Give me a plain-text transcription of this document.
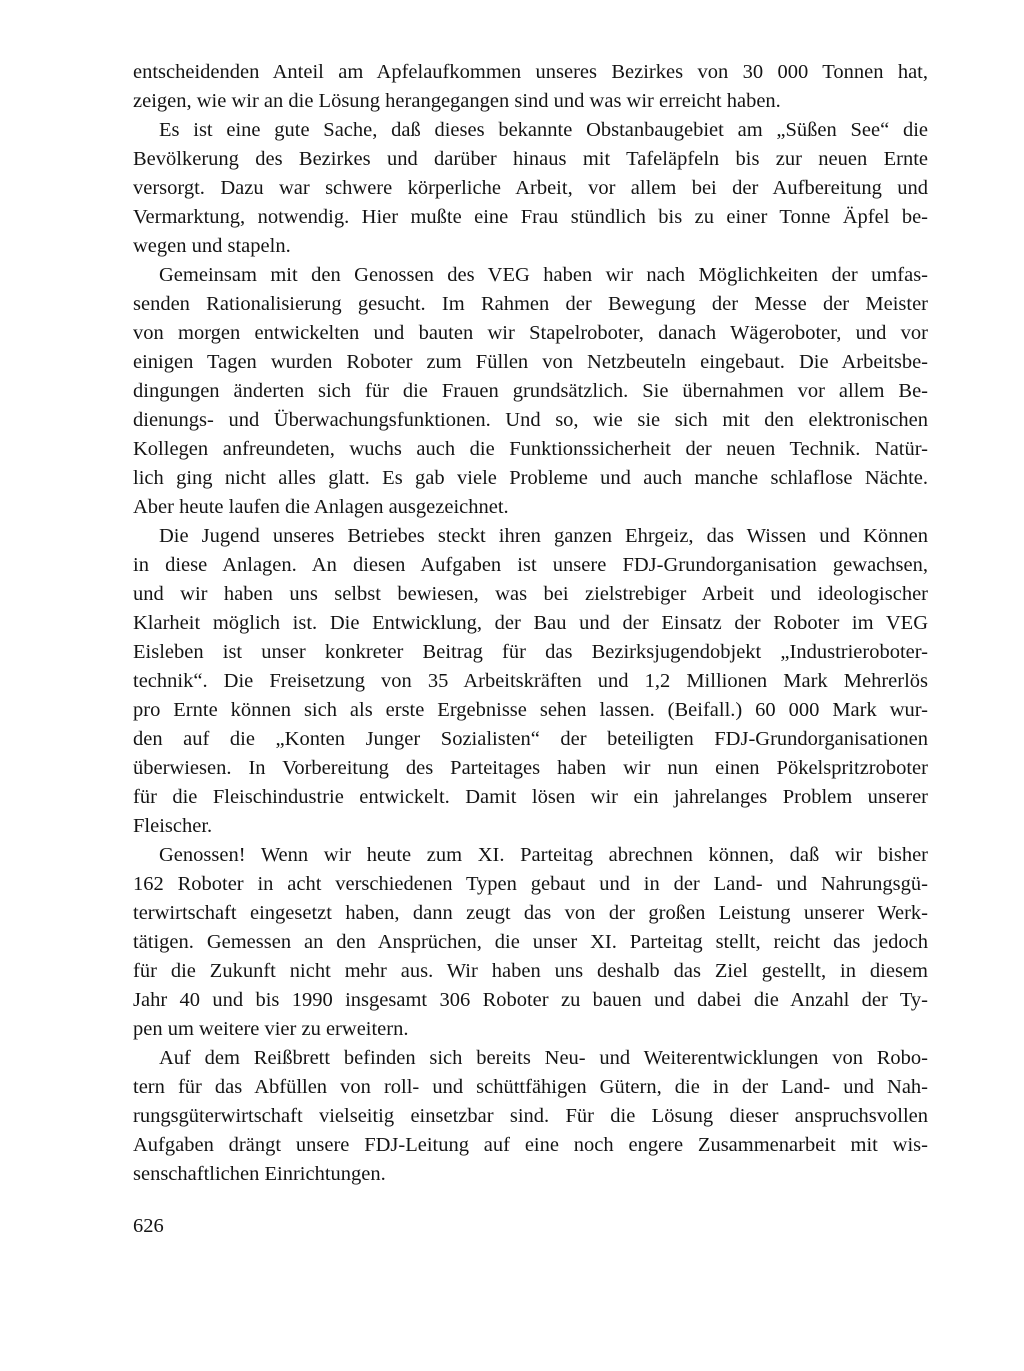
entscheidenden Anteil am Apfelaufkommen unseres Bezirkes von 30 000 Tonnen hat,
zeigen, wie wir an die Lösung herangegangen sind und was wir erreicht haben.
Es ist eine gute Sache, daß dieses bekannte Obstanbaugebiet am „Süßen See“ die
Bevölkerung des Bezirkes und darüber hinaus mit Tafeläpfeln bis zur neuen Ernte
versorgt. Dazu war schwere körperliche Arbeit, vor allem bei der Aufbereitung und
Vermarktung, notwendig. Hier mußte eine Frau stündlich bis zu einer Tonne Äpfel be-
wegen und stapeln.
Gemeinsam mit den Genossen des VEG haben wir nach Möglichkeiten der umfas-
senden Rationalisierung gesucht. Im Rahmen der Bewegung der Messe der Meister
von morgen entwickelten und bauten wir Stapelroboter, danach Wägeroboter, und vor
einigen Tagen wurden Roboter zum Füllen von Netzbeuteln eingebaut. Die Arbeitsbe-
dingungen änderten sich für die Frauen grundsätzlich. Sie übernahmen vor allem Be-
dienungs- und Überwachungsfunktionen. Und so, wie sie sich mit den elektronischen
Kollegen anfreundeten, wuchs auch die Funktionssicherheit der neuen Technik. Natür-
lich ging nicht alles glatt. Es gab viele Probleme und auch manche schlaflose Nächte.
Aber heute laufen die Anlagen ausgezeichnet.
Die Jugend unseres Betriebes steckt ihren ganzen Ehrgeiz, das Wissen und Können
in diese Anlagen. An diesen Aufgaben ist unsere FDJ-Grundorganisation gewachsen,
und wir haben uns selbst bewiesen, was bei zielstrebiger Arbeit und ideologischer
Klarheit möglich ist. Die Entwicklung, der Bau und der Einsatz der Roboter im VEG
Eisleben ist unser konkreter Beitrag für das Bezirksjugendobjekt „Industrieroboter-
technik“. Die Freisetzung von 35 Arbeitskräften und 1,2 Millionen Mark Mehrerlös
pro Ernte können sich als erste Ergebnisse sehen lassen. (Beifall.) 60 000 Mark wur-
den auf die „Konten Junger Sozialisten“ der beteiligten FDJ-Grundorganisationen
überwiesen. In Vorbereitung des Parteitages haben wir nun einen Pökelspritzroboter
für die Fleischindustrie entwickelt. Damit lösen wir ein jahrelanges Problem unserer
Fleischer.
Genossen! Wenn wir heute zum XI. Parteitag abrechnen können, daß wir bisher
162 Roboter in acht verschiedenen Typen gebaut und in der Land- und Nahrungsgü-
terwirtschaft eingesetzt haben, dann zeugt das von der großen Leistung unserer Werk-
tätigen. Gemessen an den Ansprüchen, die unser XI. Parteitag stellt, reicht das jedoch
für die Zukunft nicht mehr aus. Wir haben uns deshalb das Ziel gestellt, in diesem
Jahr 40 und bis 1990 insgesamt 306 Roboter zu bauen und dabei die Anzahl der Ty-
pen um weitere vier zu erweitern.
Auf dem Reißbrett befinden sich bereits Neu- und Weiterentwicklungen von Robo-
tern für das Abfüllen von roll- und schüttfähigen Gütern, die in der Land- und Nah-
rungsgüterwirtschaft vielseitig einsetzbar sind. Für die Lösung dieser anspruchsvollen
Aufgaben drängt unsere FDJ-Leitung auf eine noch engere Zusammenarbeit mit wis-
senschaftlichen Einrichtungen.
626
